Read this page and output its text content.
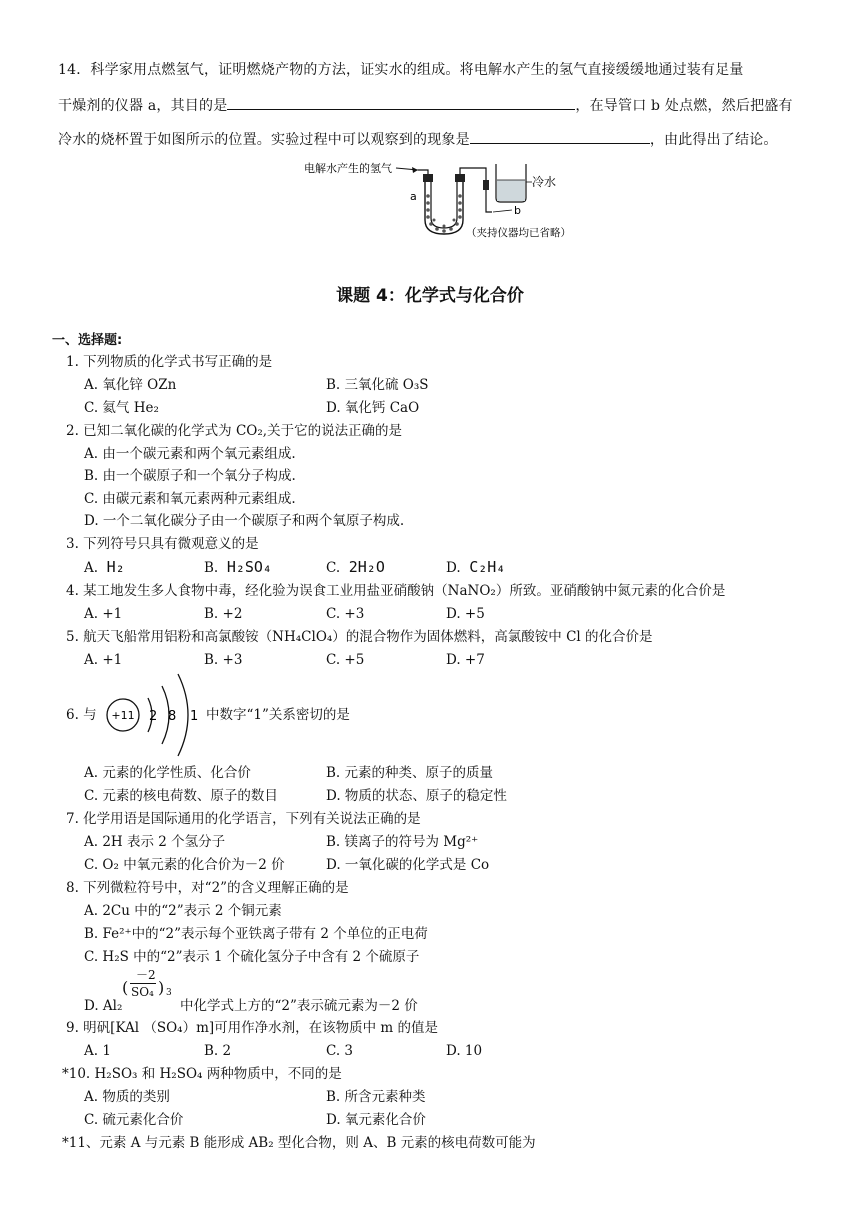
14．科学家用点燃氢气，证明燃烧产物的方法，证实水的组成。将电解水产生的氢气直接缓缓地通过装有足量
干燥剂的仪器 a，其目的是	，在导管口 b 处点燃，然后把盛有
冷水的烧杯置于如图所示的位置。实验过程中可以观察到的现象是	，由此得出了结论。
电解水产生的氢气
a
b
冷水
（夹持仪器均已省略）
课题 4：化学式与化合价
一、选择题:
1. 下列物质的化学式书写正确的是
A. 氧化锌 OZn	B. 三氧化硫 O₃S
C. 氦气 He₂	D. 氧化钙 CaO
2. 已知二氧化碳的化学式为 CO₂,关于它的说法正确的是
A. 由一个碳元素和两个氧元素组成.
B. 由一个碳原子和一个氧分子构成.
C. 由碳元素和氧元素两种元素组成.
D. 一个二氧化碳分子由一个碳原子和两个氧原子构成.
3. 下列符号只具有微观意义的是
A. H₂	B. H₂SO₄	C. 2H₂O	D. C₂H₄
4. 某工地发生多人食物中毒，经化验为误食工业用盐亚硝酸钠（NaNO₂）所致。亚硝酸钠中氮元素的化合价是
A. +1	B. +2	C. +3	D. +5
5. 航天飞船常用铝粉和高氯酸铵（NH₄ClO₄）的混合物作为固体燃料，高氯酸铵中 Cl 的化合价是
A. +1	B. +3	C. +5	D. +7
6. 与 +11 2 8 1 中数字“1”关系密切的是
A. 元素的化学性质、化合价	B. 元素的种类、原子的质量
C. 元素的核电荷数、原子的数目	D. 物质的状态、原子的稳定性
7. 化学用语是国际通用的化学语言，下列有关说法正确的是
A. 2H 表示 2 个氢分子	B. 镁离子的符号为 Mg²⁺
C. O₂ 中氧元素的化合价为－2 价	D. 一氧化碳的化学式是 Co
8. 下列微粒符号中，对“2”的含义理解正确的是
A. 2Cu 中的“2”表示 2 个铜元素
B. Fe²⁺中的“2”表示每个亚铁离子带有 2 个单位的正电荷
C. H₂S 中的“2”表示 1 个硫化氢分子中含有 2 个硫原子
D. Al₂
(
－2
SO₄ ) 3
中化学式上方的“2”表示硫元素为－2 价
9. 明矾[KAl （SO₄）m]可用作净水剂，在该物质中 m 的值是
A. 1	B. 2	C. 3	D. 10
*10. H₂SO₃ 和 H₂SO₄ 两种物质中，不同的是
A. 物质的类别	B. 所含元素种类
C. 硫元素化合价	D. 氧元素化合价
*11、元素 A 与元素 B 能形成 AB₂ 型化合物，则 A、B 元素的核电荷数可能为
